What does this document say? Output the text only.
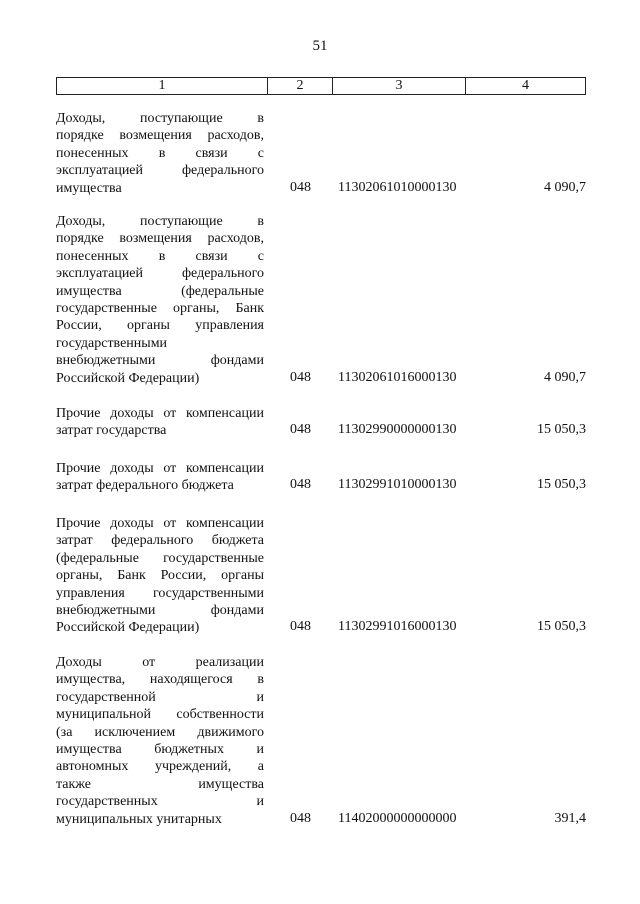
51
1	2	3	4
Доходы, поступающие в
порядке возмещения расходов,
понесенных в связи с
эксплуатацией федерального
имущества	048	11302061010000130	4 090,7
Доходы, поступающие в
порядке возмещения расходов,
понесенных в связи с
эксплуатацией федерального
имущества (федеральные
государственные органы, Банк
России, органы управления
государственными
внебюджетными фондами
Российской Федерации)	048	11302061016000130	4 090,7
Прочие доходы от компенсации
затрат государства	048	11302990000000130	15 050,3
Прочие доходы от компенсации
затрат федерального бюджета	048	11302991010000130	15 050,3
Прочие доходы от компенсации
затрат федерального бюджета
(федеральные государственные
органы, Банк России, органы
управления государственными
внебюджетными фондами
Российской Федерации)	048	11302991016000130	15 050,3
Доходы от реализации
имущества, находящегося в
государственной и
муниципальной собственности
(за исключением движимого
имущества бюджетных и
автономных учреждений, а
также имущества
государственных и
муниципальных унитарных	048	11402000000000000	391,4
